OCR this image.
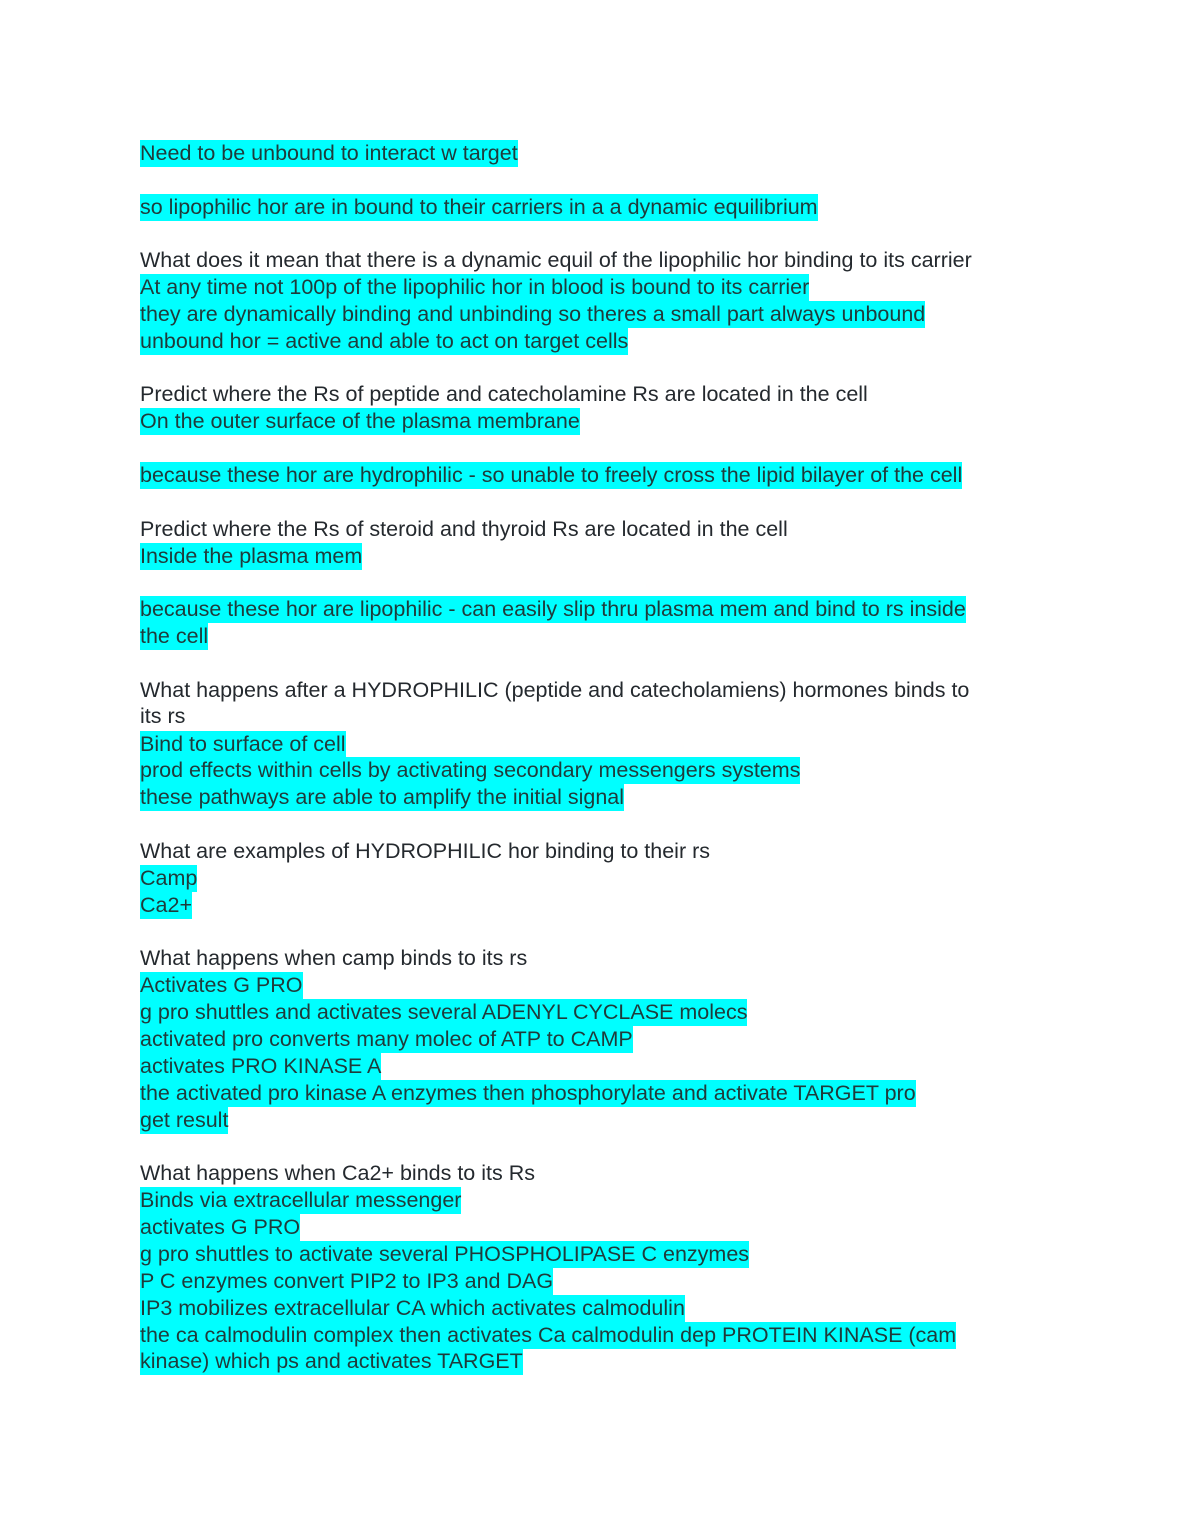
Need to be unbound to interact w target
so lipophilic hor are in bound to their carriers in a a dynamic equilibrium
What does it mean that there is a dynamic equil of the lipophilic hor binding to its carrier
At any time not 100p of the lipophilic hor in blood is bound to its carrier
they are dynamically binding and unbinding so theres a small part always unbound
unbound hor = active and able to act on target cells
Predict where the Rs of peptide and catecholamine Rs are located in the cell
On the outer surface of the plasma membrane
because these hor are hydrophilic - so unable to freely cross the lipid bilayer of the cell
Predict where the Rs of steroid and thyroid Rs are located in the cell
Inside the plasma mem
because these hor are lipophilic - can easily slip thru plasma mem and bind to rs inside
the cell
What happens after a HYDROPHILIC (peptide and catecholamiens) hormones binds to
its rs
Bind to surface of cell
prod effects within cells by activating secondary messengers systems
these pathways are able to amplify the initial signal
What are examples of HYDROPHILIC hor binding to their rs
Camp
Ca2+
What happens when camp binds to its rs
Activates G PRO
g pro shuttles and activates several ADENYL CYCLASE molecs
activated pro converts many molec of ATP to CAMP
activates PRO KINASE A
the activated pro kinase A enzymes then phosphorylate and activate TARGET pro
get result
What happens when Ca2+ binds to its Rs
Binds via extracellular messenger
activates G PRO
g pro shuttles to activate several PHOSPHOLIPASE C enzymes
P C enzymes convert PIP2 to IP3 and DAG
IP3 mobilizes extracellular CA which activates calmodulin
the ca calmodulin complex then activates Ca calmodulin dep PROTEIN KINASE (cam
kinase) which ps and activates TARGET
